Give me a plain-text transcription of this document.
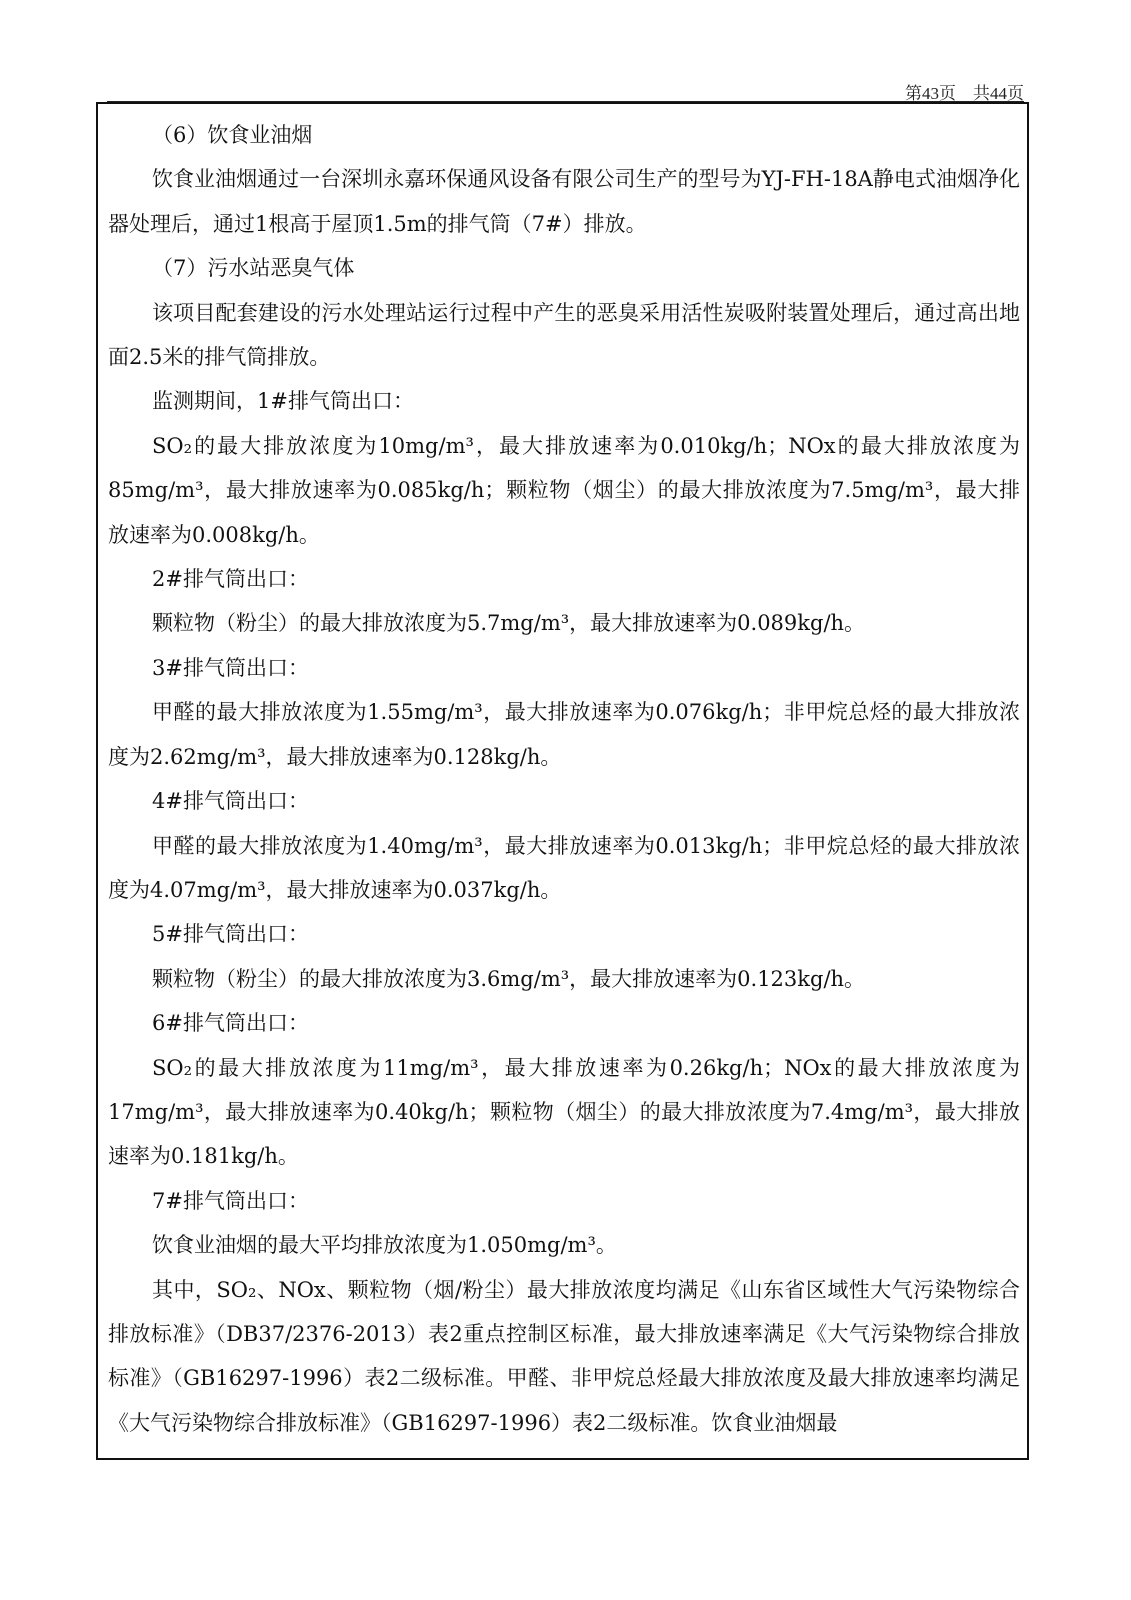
第43页　共44页

（6）饮食业油烟

饮食业油烟通过一台深圳永嘉环保通风设备有限公司生产的型号为YJ-FH-18A静电式油烟净化器处理后，通过1根高于屋顶1.5m的排气筒（7#）排放。

（7）污水站恶臭气体

该项目配套建设的污水处理站运行过程中产生的恶臭采用活性炭吸附装置处理后，通过高出地面2.5米的排气筒排放。

监测期间，1#排气筒出口：

SO₂的最大排放浓度为10mg/m³，最大排放速率为0.010kg/h；NOx的最大排放浓度为85mg/m³，最大排放速率为0.085kg/h；颗粒物（烟尘）的最大排放浓度为7.5mg/m³，最大排放速率为0.008kg/h。

2#排气筒出口：

颗粒物（粉尘）的最大排放浓度为5.7mg/m³，最大排放速率为0.089kg/h。

3#排气筒出口：

甲醛的最大排放浓度为1.55mg/m³，最大排放速率为0.076kg/h；非甲烷总烃的最大排放浓度为2.62mg/m³，最大排放速率为0.128kg/h。

4#排气筒出口：

甲醛的最大排放浓度为1.40mg/m³，最大排放速率为0.013kg/h；非甲烷总烃的最大排放浓度为4.07mg/m³，最大排放速率为0.037kg/h。

5#排气筒出口：

颗粒物（粉尘）的最大排放浓度为3.6mg/m³，最大排放速率为0.123kg/h。

6#排气筒出口：

SO₂的最大排放浓度为11mg/m³，最大排放速率为0.26kg/h；NOx的最大排放浓度为17mg/m³，最大排放速率为0.40kg/h；颗粒物（烟尘）的最大排放浓度为7.4mg/m³，最大排放速率为0.181kg/h。

7#排气筒出口：

饮食业油烟的最大平均排放浓度为1.050mg/m³。

其中，SO₂、NOx、颗粒物（烟/粉尘）最大排放浓度均满足《山东省区域性大气污染物综合排放标准》（DB37/2376-2013）表2重点控制区标准，最大排放速率满足《大气污染物综合排放标准》（GB16297-1996）表2二级标准。甲醛、非甲烷总烃最大排放浓度及最大排放速率均满足《大气污染物综合排放标准》（GB16297-1996）表2二级标准。饮食业油烟最
